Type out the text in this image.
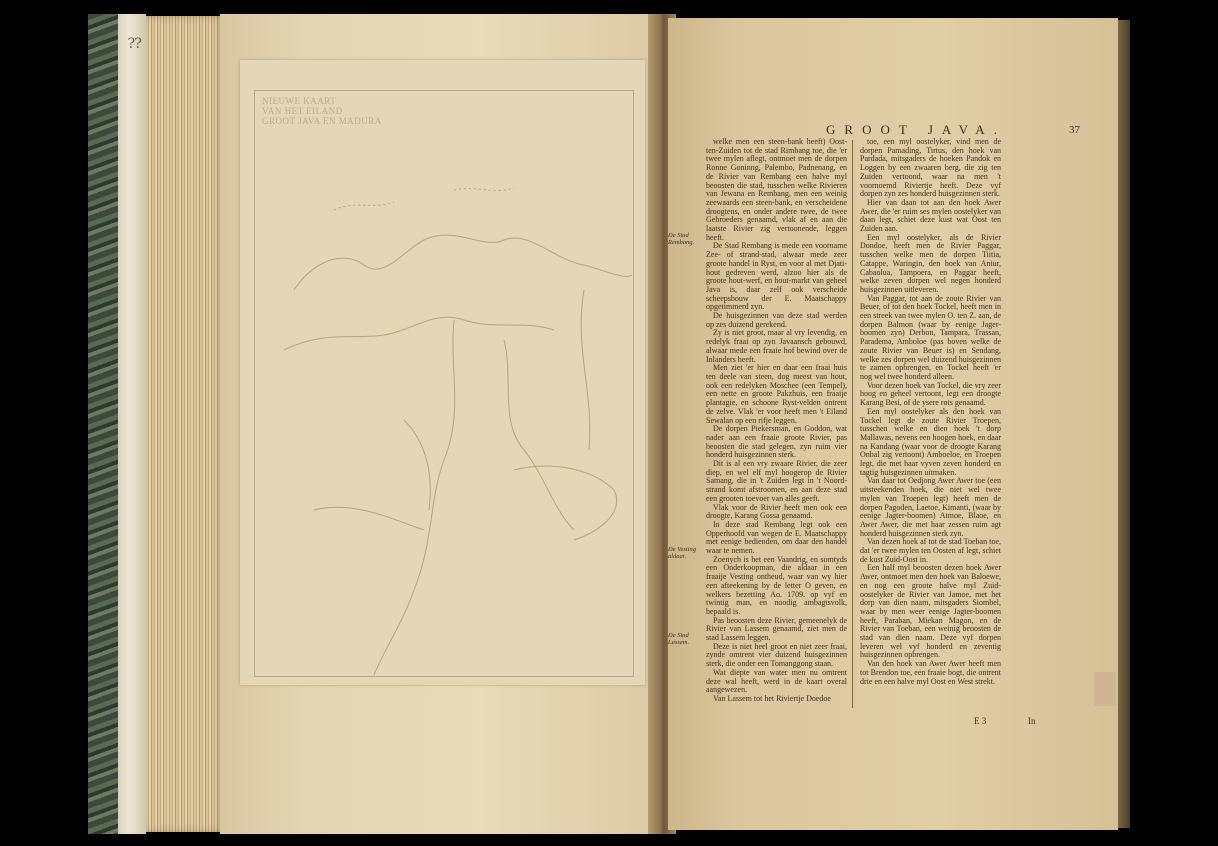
⁇
NIEUWE KAART
VAN HET EILAND
GROOT JAVA EN MADURA
GROOT JAVA.	37
De Stad
Rembang.
De Vesting
aldaar.
De Stad
Lassem.

welke men een steen-bank heeft) Oost-ten-Zuiden tot de stad Rimbang toe, die 'er twee mylen aflegt, ontmoet men de dorpen Ronne Goninng, Palembo, Padnenang, en de Rivier van Rembang een halve myl beoosten die stad, tusschen welke Rivieren van Jewana en Rembang, men een weinig zeewaards een steen-bank, en verscheidene droogtens, en onder andere twee, de twee Gebroeders genaamd, vlak af en aan die laatste Rivier zig vertoonende, leggen heeft.

De Stad Rembang is mede een voorname Zee- of strand-stad, alwaar mede zeer groote handel in Ryst, en voor al met Djati-hout gedreven werd, alzoo hier als de groote hout-werf, en hout-markt van geheel Java is, daar zelf ook verscheide scheepsbouw der E. Maatschappy opgetimmerd zyn.

De huisgezinnen van deze stad werden op zes duizend gerekend.

Zy is niet groot, maar al vry levendig, en redelyk fraai op zyn Javaansch gebouwd, alwaar mede een fraaie hof bewind over de Inlanders heeft.

Men ziet 'er hier en daar een fraai huis ten deele van steen, dog meest van hout, ook een redelyken Moschee (een Tempel), een nette en groote Pakzhuis, een fraaije plantagie, en schoone Ryst-velden ontrent de zelve. Vlak 'er voor heeft men 't Eiland Sewalan op een rifje leggen.

De dorpen Piekersman, en Goddon, wat nader aan een fraaie groote Rivier, pas beoosten die stad gelegen, zyn ruim vier honderd huisgezinnen sterk.

Dit is al een vry zwaare Rivier, die zeer diep, en wel elf myl hoogerop de Rivier Samang, die in 't Zuiden legt in 't Noord-strand komt afstroomen, en aan deze stad een grooten toevoer van alles geeft.

Vlak voor de Rivier heeft men ook een droogte, Karang Gossa genaamd.

In deze stad Rembang legt ook een Opperhoofd van wegen de E. Maatschappy met eenige bedienden, om daar den handel waar te nemen.

Zoenych is het een Vaandrig, en somtyds een Onderkoopman, die aldaar in een fraaije Vesting ontheud, waar van wy hier een afteekening by de letter O geven, en welkers bezetting Ao. 1709. op vyf en twintig man, en noodig ambagtsvolk, bepaald is.

Pas beoosten deze Rivier, gemeenelyk de Rivier van Lassem genaamd, ziet men de stad Lassem leggen.

Deze is niet heel groot en niet zeer fraai, zynde omtrent vier duizend huisgezinnen sterk, die onder een Tomanggong staan.

Wat diepte van water men nu omtrent deze wal heeft, werd in de kaart overal aangewezen.

Van Lassem tot het Riviertje Doedoe

toe, een myl oostelyker, vind men de dorpen Pamading, Tirtus, den hoek van Pardada, mitsgaders de hoeken Pandok en Loggen by een zwaaren berg, die zig ten Zuiden vertoond, waar na men 't voornoemd Riviertje heeft. Deze vyf dorpen zyn zes honderd huisgezinnen sterk.

Hier van daan tot aan den hoek Awer Awer, die 'er ruim ses mylen oostelyker van daan legt, schiet deze kust wat Oost ten Zuiden aan.

Een myl oostelyker, als de Rivier Dondoe, heeft men de Rivier Paggar, tusschen welke men de dorpen Tiitia, Catappe, Waringin, den hoek van Aniur, Cabaolua, Tampoera, en Paggar heeft, welke zeven dorpen wel negen honderd huisgezinnen uitleveren.

Van Paggar, tot aan de zoute Rivier van Beuer, of tot den hoek Tockel, heeft men in een streek van twee mylen O. ten Z. aan, de dorpen Balmon (waar by eenige Jager-boomen zyn) Derbon, Tampara, Trassan, Paradema, Amboloe (pas boven welke de zoute Rivier van Beuer is) en Sendang, welke zes dorpen wel duizend huisgezinnen te zamen opbrengen, en Tockel heeft 'er nog wel twee honderd alleen.

Voor dezen hoek van Tockel, die vry zeer hoog en geheel vertoont, legt een droogte Karang Besi, of de ysere rots genaamd.

Een myl oostelyker als den hoek van Tockel legt de zoute Rivier Troepen, tusschen welke en dien hoek 't dorp Mallawas, nevens een hoogen hoek, en daar na Kandang (waar voor de droogte Karang Onbal zig vertoont) Amboeloe, en Troepen legt, die met haar vyven zeven honderd en tagtig huisgezinnen uitmaken.

Van daar tot Oedjong Awer Awer toe (een uitsteekenden hoek, die niet wel twee mylen van Troepen legt) heeft men de dorpen Pagoden, Laetoe, Kimanti, (waar by eenige Jagter-boomen) Atmoe, Blaoe, en Awer Awer, die met haar zessen ruim agt honderd huisgezinnen sterk zyn.

Van dezen hoek af tot de stad Toeban toe, dat 'er twee mylen ten Oosten af legt, schiet de kust Zuid-Oost in.

Een half myl beoosten dezen hoek Awer Awer, ontmoet men den hoek van Baloewe, en nog een groote halve myl Zuid-oostelyker de Rivier van Jamoe, met het dorp van dien naam, mitsgaders Siombel, waar by men weer eenige Jagter-boomen heeft, Paraban, Miekan Magon, en de Rivier van Toeban, een weinig beoosten de stad van dien naam. Deze vyf dorpen leveren wel vyf honderd en zeventig huisgezinnen opbrengen.

Van den hoek van Awer Awer heeft men tot Brendon toe, een fraaie bogt, die ontrent drie en een halve myl Oost en West strekt.

E 3	In
